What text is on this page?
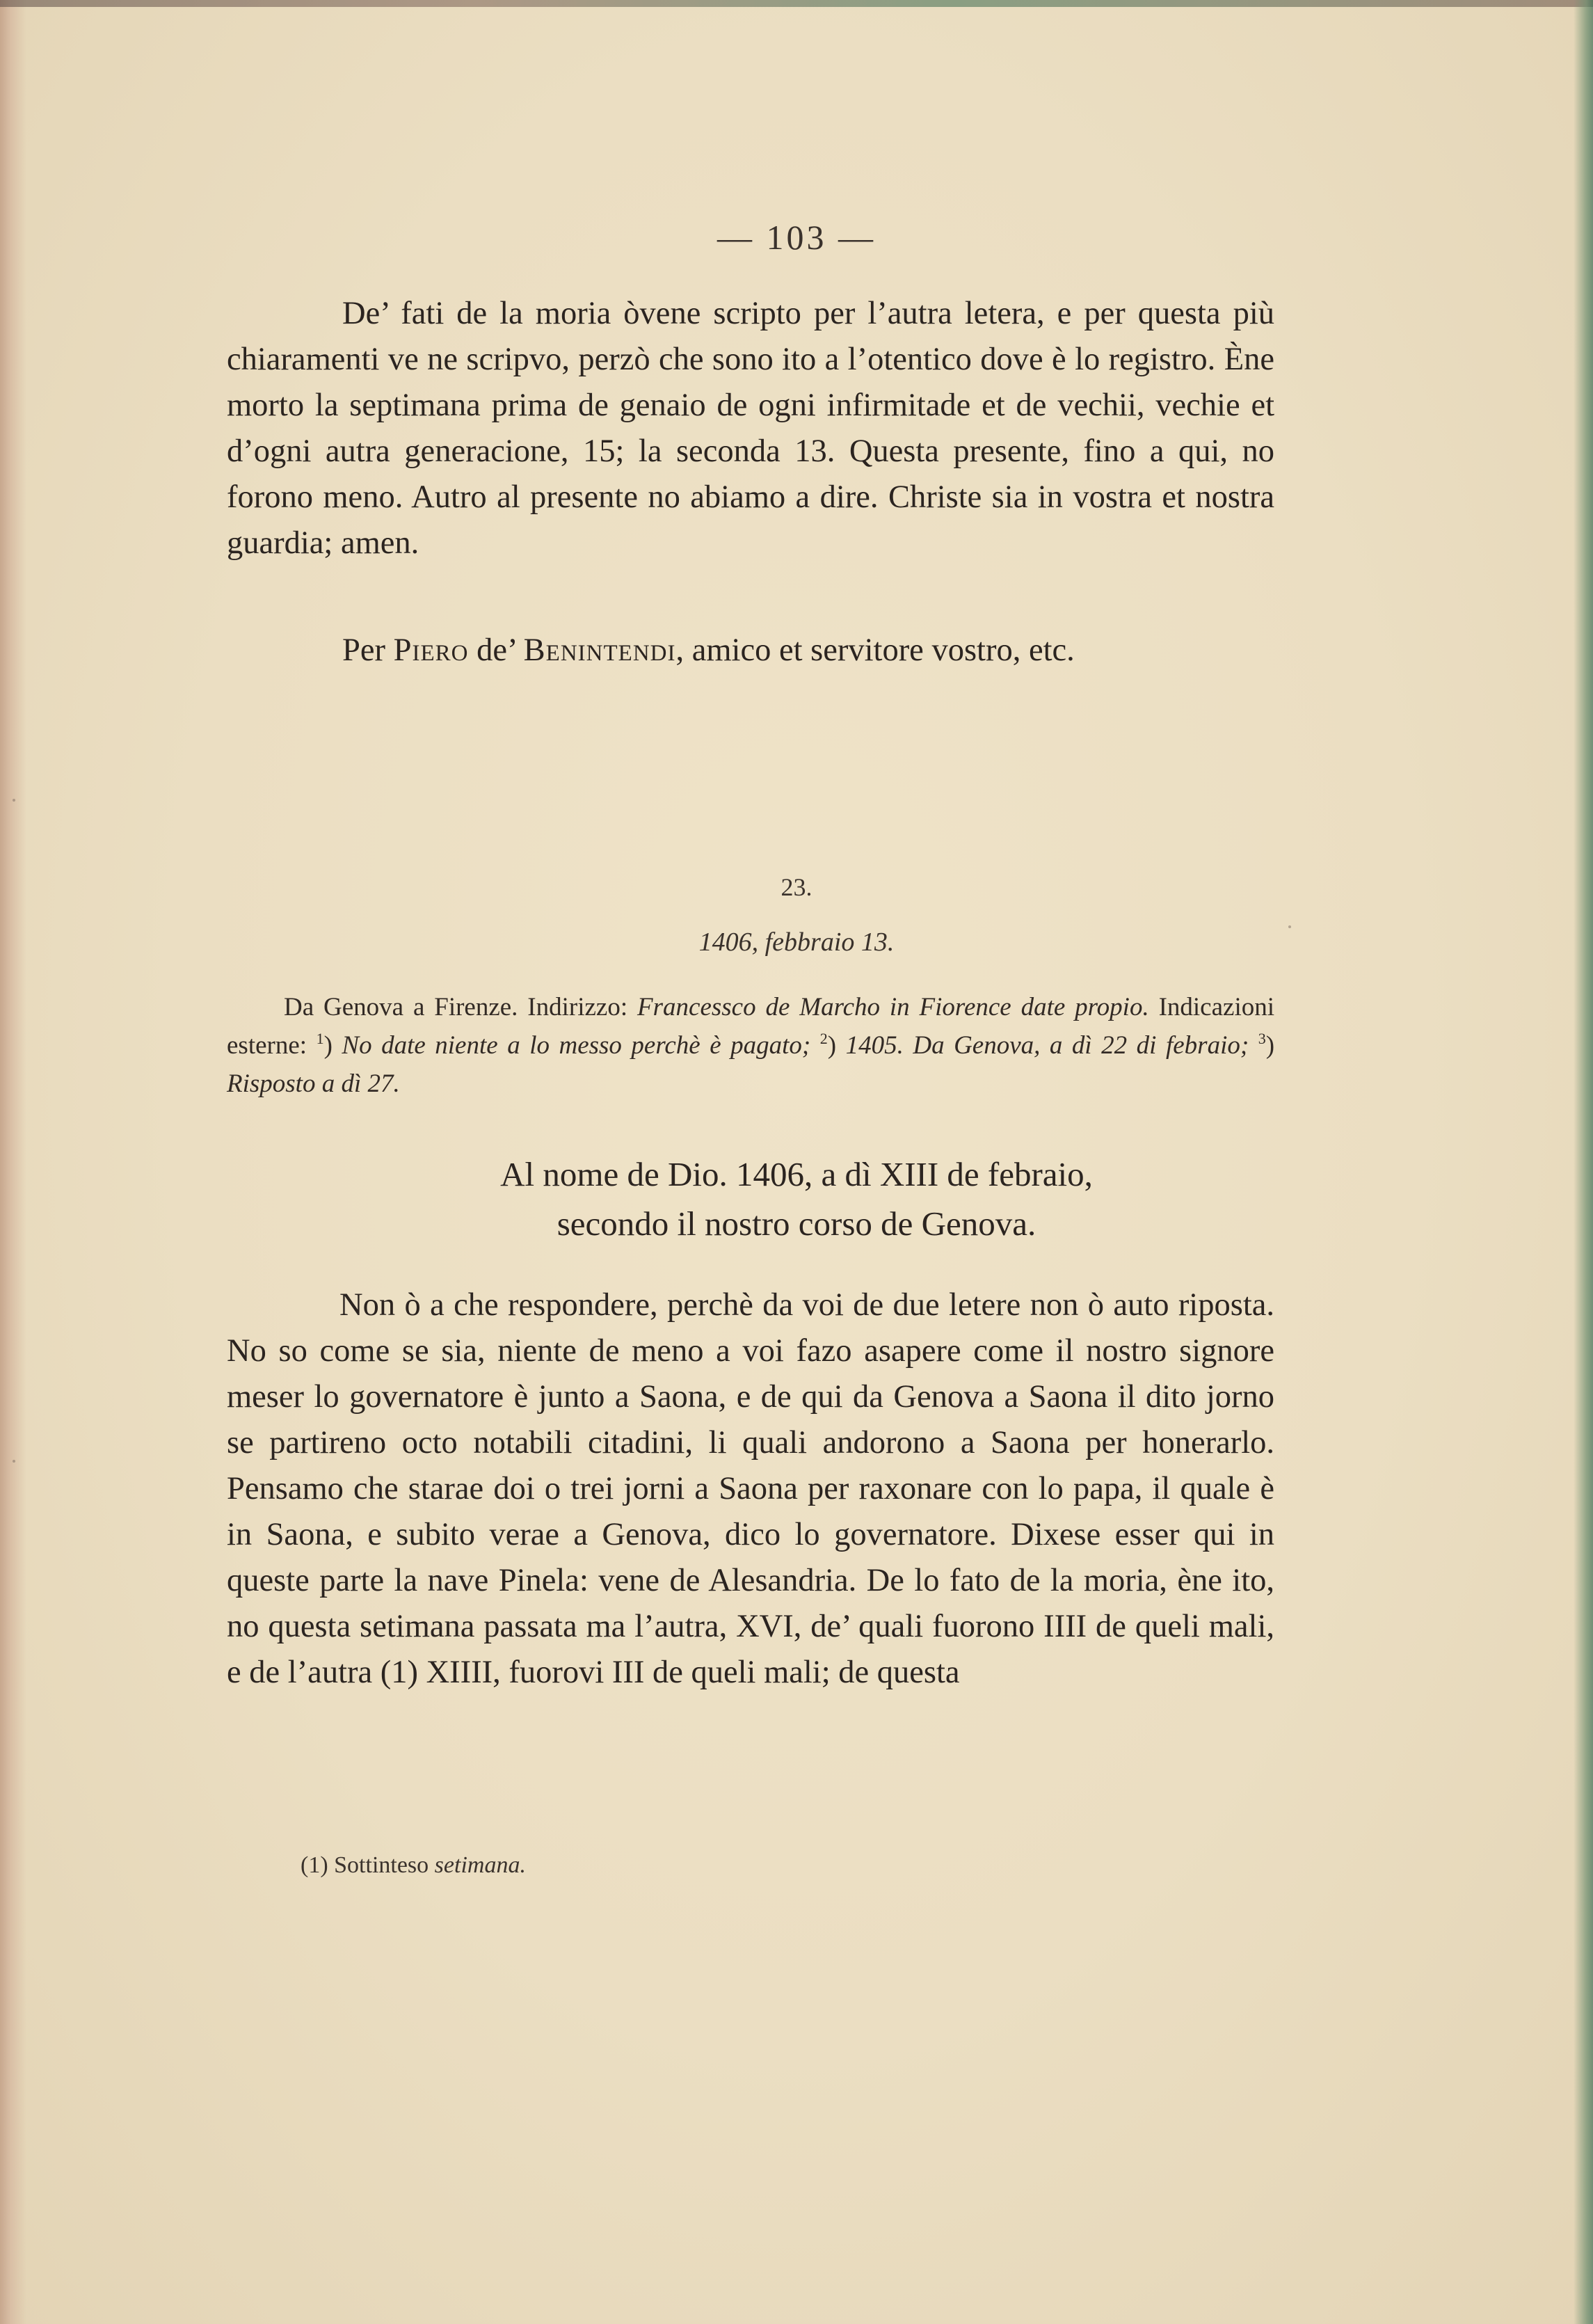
— 103 —

De’ fati de la moria òvene scripto per l’autra letera, e per questa più chiaramenti ve ne scripvo, perzò che sono ito a l’otentico dove è lo registro. Ène morto la septimana prima de genaio de ogni infirmitade et de vechii, vechie et d’ogni autra generacione, 15; la seconda 13. Questa presente, fino a qui, no forono meno. Autro al presente no abiamo a dire. Christe sia in vostra et nostra guardia; amen.

Per Piero de’ Benintendi, amico et servitore vostro, etc.

23.
1406, febbraio 13.

Da Genova a Firenze. Indirizzo: Francessco de Marcho in Fiorence date propio. Indicazioni esterne: $^1$) No date niente a lo messo perchè è pagato; $^2$) 1405. Da Genova, a dì 22 di febraio; $^3$) Risposto a dì 27.

Al nome de Dio. 1406, a dì XIII de febraio,
secondo il nostro corso de Genova.

Non ò a che respondere, perchè da voi de due letere non ò auto riposta. No so come se sia, niente de meno a voi fazo asapere come il nostro signore meser lo governatore è junto a Saona, e de qui da Genova a Saona il dito jorno se partireno octo notabili citadini, li quali andorono a Saona per honerarlo. Pensamo che starae doi o trei jorni a Saona per raxonare con lo papa, il quale è in Saona, e subito verae a Genova, dico lo governatore. Dixese esser qui in queste parte la nave Pinela: vene de Alesandria. De lo fato de la moria, ène ito, no questa setimana passata ma l’autra, XVI, de’ quali fuorono IIII de queli mali, e de l’autra (1) XIIII, fuorovi III de queli mali; de questa

(1) Sottinteso setimana.
